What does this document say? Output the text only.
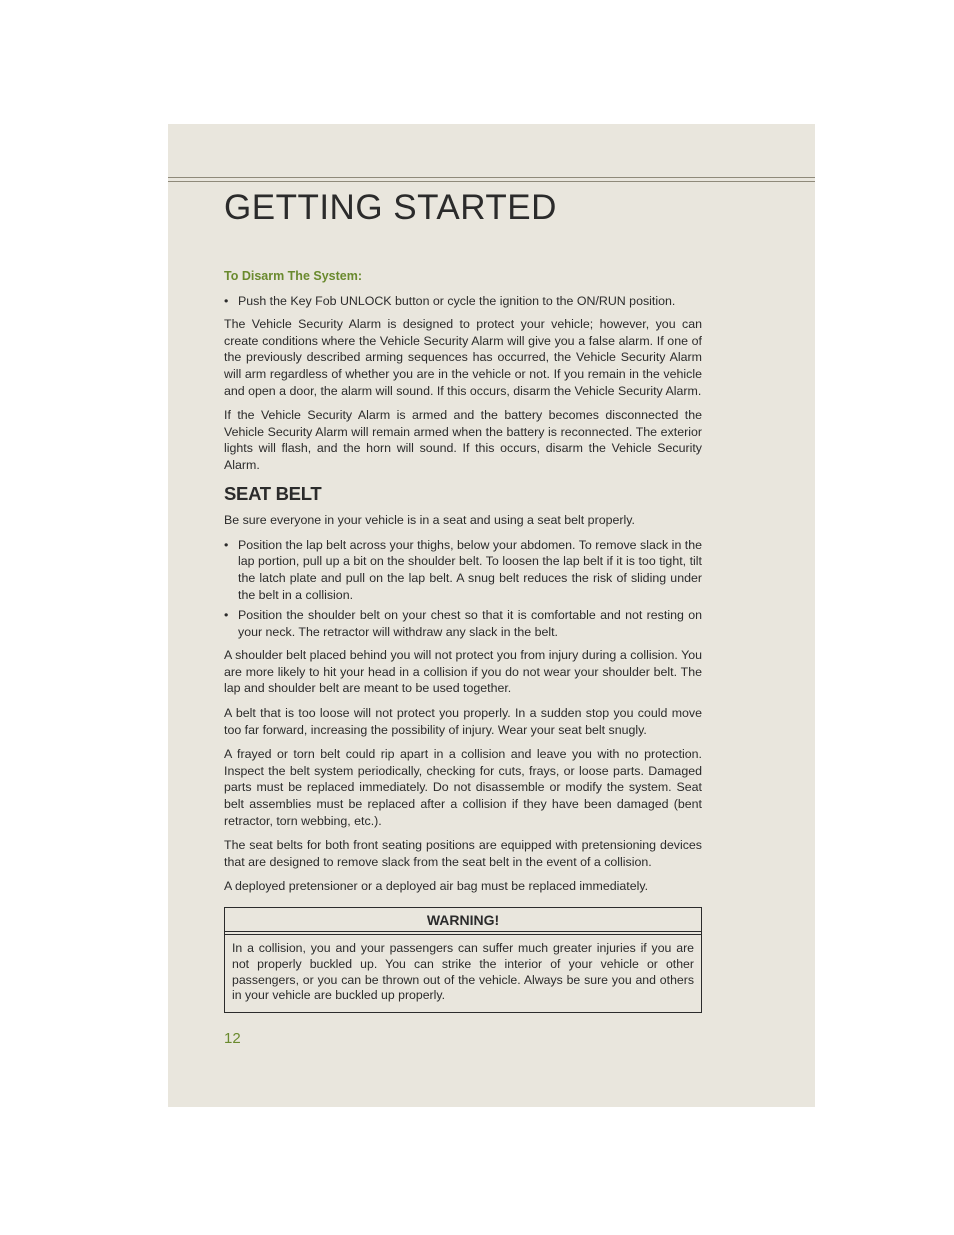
GETTING STARTED
To Disarm The System:
• Push the Key Fob UNLOCK button or cycle the ignition to the ON/RUN position.

The Vehicle Security Alarm is designed to protect your vehicle; however, you can create conditions where the Vehicle Security Alarm will give you a false alarm. If one of the previously described arming sequences has occurred, the Vehicle Security Alarm will arm regardless of whether you are in the vehicle or not. If you remain in the vehicle and open a door, the alarm will sound. If this occurs, disarm the Vehicle Security Alarm.

If the Vehicle Security Alarm is armed and the battery becomes disconnected the Vehicle Security Alarm will remain armed when the battery is reconnected. The exterior lights will flash, and the horn will sound. If this occurs, disarm the Vehicle Security Alarm.

SEAT BELT

Be sure everyone in your vehicle is in a seat and using a seat belt properly.

• Position the lap belt across your thighs, below your abdomen. To remove slack in the lap portion, pull up a bit on the shoulder belt. To loosen the lap belt if it is too tight, tilt the latch plate and pull on the lap belt. A snug belt reduces the risk of sliding under the belt in a collision.
• Position the shoulder belt on your chest so that it is comfortable and not resting on your neck. The retractor will withdraw any slack in the belt.

A shoulder belt placed behind you will not protect you from injury during a collision. You are more likely to hit your head in a collision if you do not wear your shoulder belt. The lap and shoulder belt are meant to be used together.

A belt that is too loose will not protect you properly. In a sudden stop you could move too far forward, increasing the possibility of injury. Wear your seat belt snugly.

A frayed or torn belt could rip apart in a collision and leave you with no protection. Inspect the belt system periodically, checking for cuts, frays, or loose parts. Damaged parts must be replaced immediately. Do not disassemble or modify the system. Seat belt assemblies must be replaced after a collision if they have been damaged (bent retractor, torn webbing, etc.).

The seat belts for both front seating positions are equipped with pretensioning devices that are designed to remove slack from the seat belt in the event of a collision.

A deployed pretensioner or a deployed air bag must be replaced immediately.

WARNING!
In a collision, you and your passengers can suffer much greater injuries if you are not properly buckled up. You can strike the interior of your vehicle or other passengers, or you can be thrown out of the vehicle. Always be sure you and others in your vehicle are buckled up properly.
12
